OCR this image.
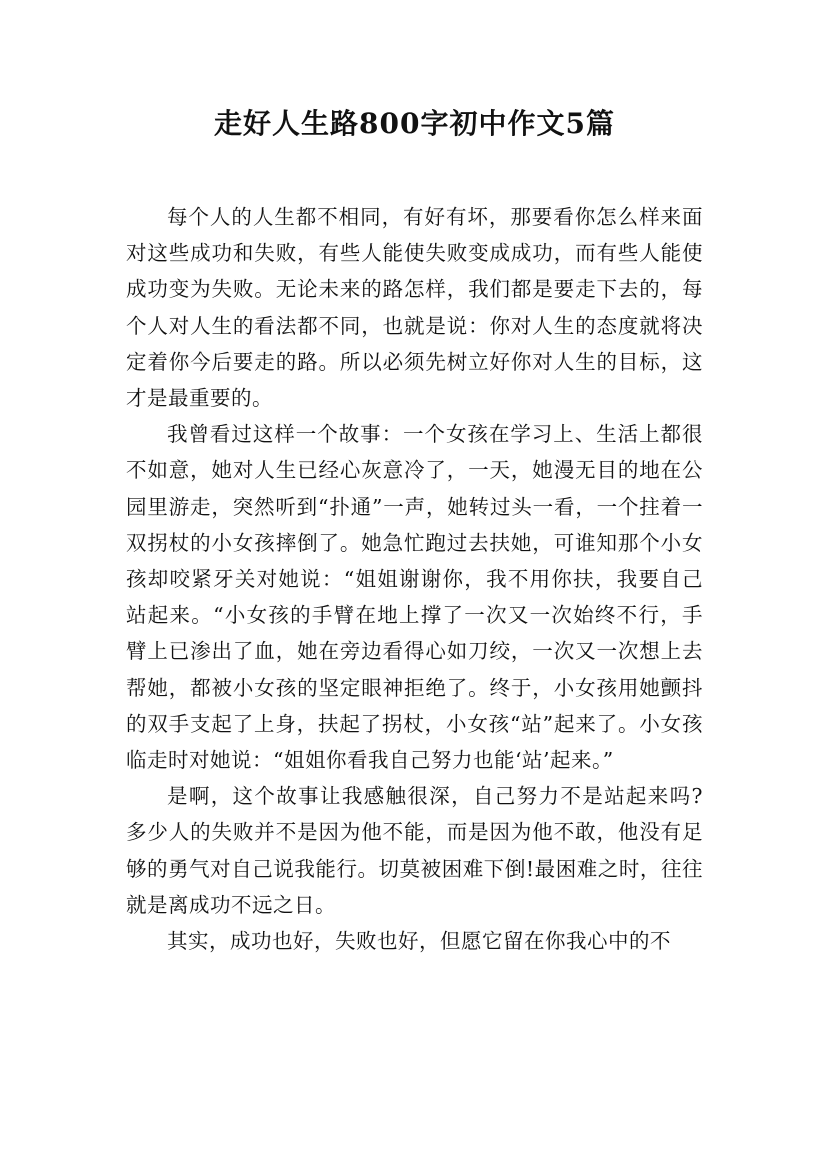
走好人生路800字初中作文5篇

每个人的人生都不相同，有好有坏，那要看你怎么样来面对这些成功和失败，有些人能使失败变成成功，而有些人能使成功变为失败。无论未来的路怎样，我们都是要走下去的，每个人对人生的看法都不同，也就是说：你对人生的态度就将决定着你今后要走的路。所以必须先树立好你对人生的目标，这才是最重要的。

我曾看过这样一个故事：一个女孩在学习上、生活上都很不如意，她对人生已经心灰意冷了，一天，她漫无目的地在公园里游走，突然听到“扑通”一声，她转过头一看，一个拄着一双拐杖的小女孩摔倒了。她急忙跑过去扶她，可谁知那个小女孩却咬紧牙关对她说：“姐姐谢谢你，我不用你扶，我要自己站起来。“小女孩的手臂在地上撑了一次又一次始终不行，手臂上已渗出了血，她在旁边看得心如刀绞，一次又一次想上去帮她，都被小女孩的坚定眼神拒绝了。终于，小女孩用她颤抖的双手支起了上身，扶起了拐杖，小女孩“站”起来了。小女孩临走时对她说：“姐姐你看我自己努力也能‘站’起来。”

是啊，这个故事让我感触很深，自己努力不是站起来吗?多少人的失败并不是因为他不能，而是因为他不敢，他没有足够的勇气对自己说我能行。切莫被困难下倒!最困难之时，往往就是离成功不远之日。

其实，成功也好，失败也好，但愿它留在你我心中的不
